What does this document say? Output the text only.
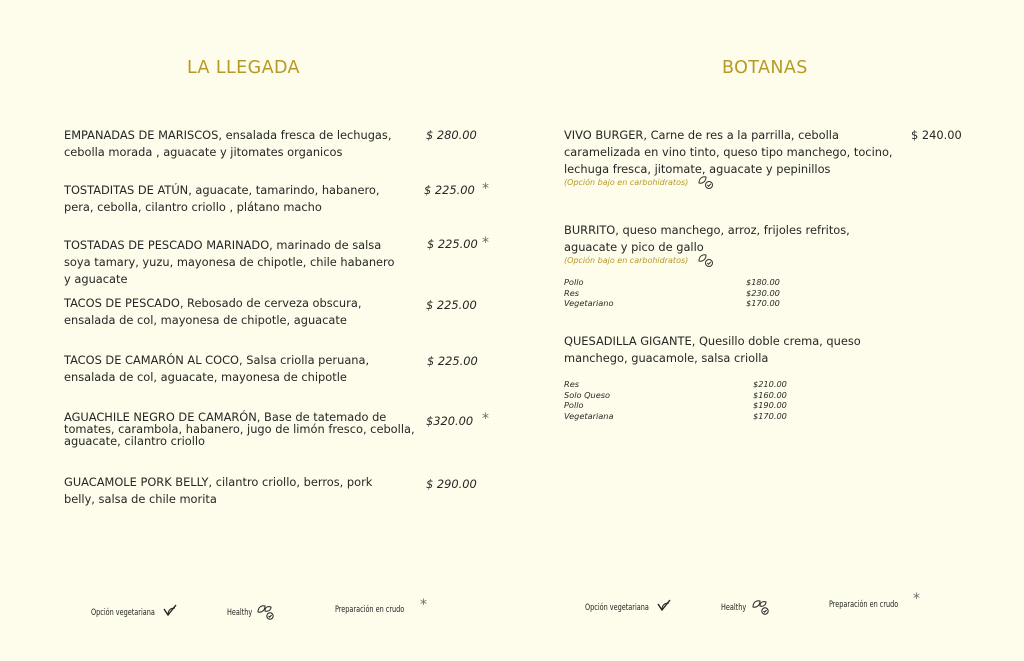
LA LLEGADA
EMPANADAS DE MARISCOS, ensalada fresca de lechugas, cebolla morada , aguacate y jitomates organicos
$ 280.00
TOSTADITAS DE ATÚN, aguacate, tamarindo, habanero, pera, cebolla, cilantro criollo , plátano macho
$ 225.00 *
TOSTADAS DE PESCADO MARINADO, marinado de salsa soya tamary, yuzu, mayonesa de chipotle, chile habanero y aguacate
$ 225.00 *
TACOS DE PESCADO, Rebosado de cerveza obscura, ensalada de col, mayonesa de chipotle, aguacate
$ 225.00
TACOS DE CAMARÓN AL COCO, Salsa criolla peruana, ensalada de col, aguacate, mayonesa de chipotle
$ 225.00
AGUACHILE NEGRO DE CAMARÓN, Base de tatemado de tomates, carambola, habanero, jugo de limón fresco, cebolla, aguacate, cilantro criollo
$320.00 *
GUACAMOLE PORK BELLY, cilantro criollo, berros, pork belly, salsa de chile morita
$ 290.00
BOTANAS
VIVO BURGER, Carne de res a la parrilla, cebolla caramelizada en vino tinto, queso tipo manchego, tocino, lechuga fresca, jitomate, aguacate y pepinillos
(Opción bajo en carbohidratos)
$ 240.00
BURRITO, queso manchego, arroz, frijoles refritos, aguacate y pico de gallo
(Opción bajo en carbohidratos)
Pollo	$180.00
Res	$230.00
Vegetariano	$170.00
QUESADILLA GIGANTE, Quesillo doble crema, queso manchego, guacamole, salsa criolla
Res	$210.00
Solo Queso	$160.00
Pollo	$190.00
Vegetariana	$170.00
Opción vegetariana	Healthy	Preparación en crudo *	Opción vegetariana	Healthy	Preparación en crudo *
